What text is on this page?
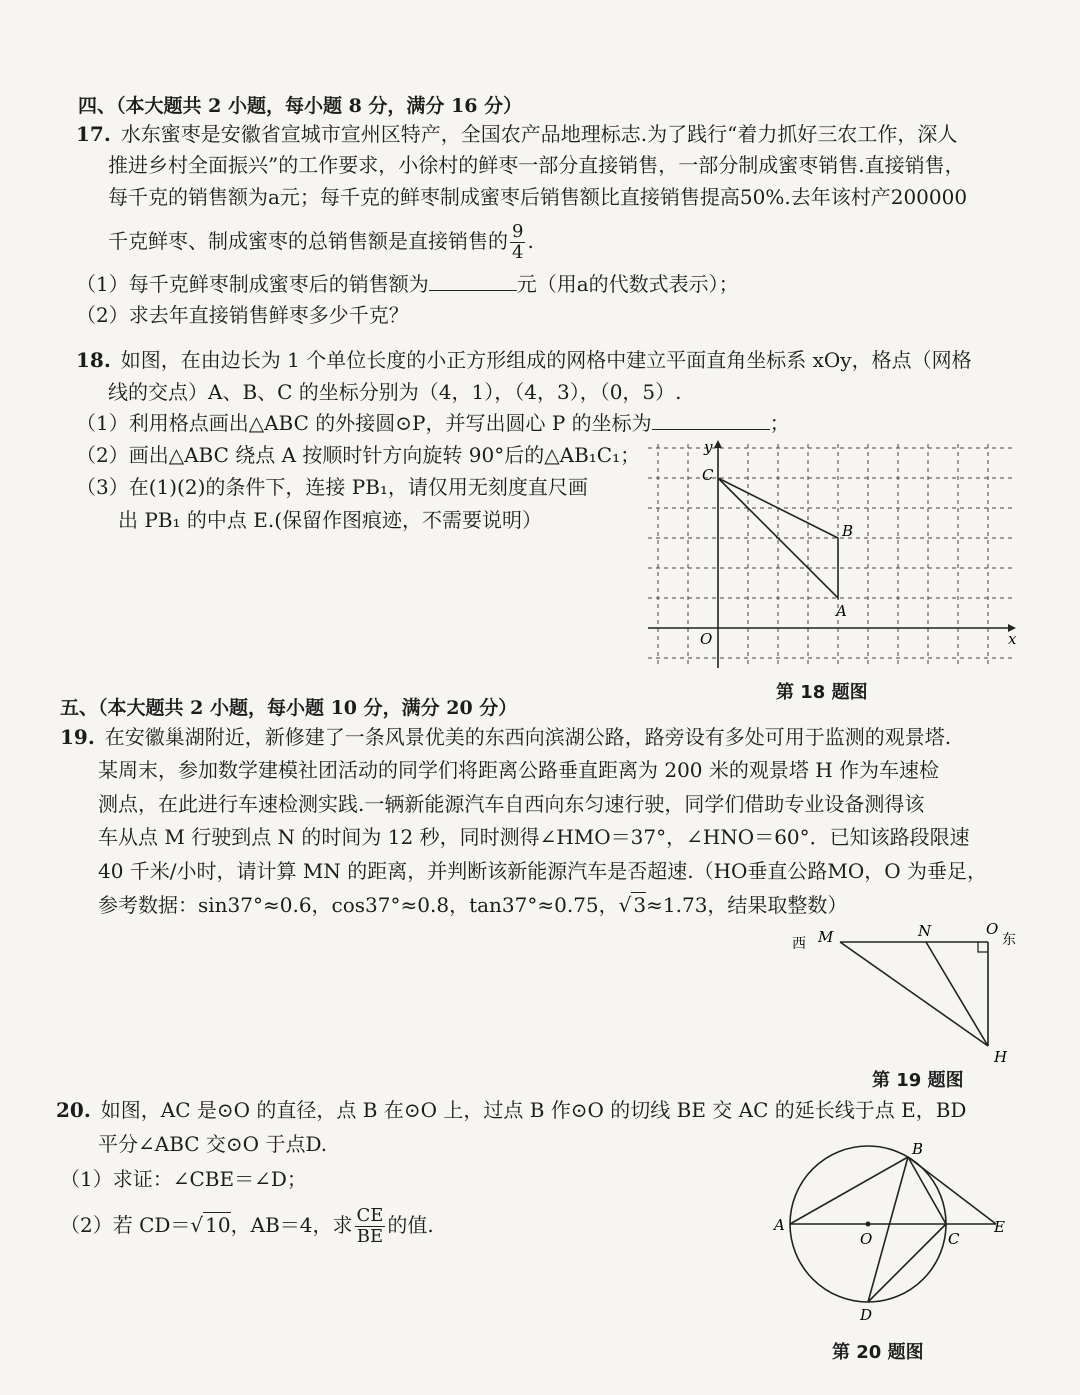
四、（本大题共 2 小题，每小题 8 分，满分 16 分）
17. 水东蜜枣是安徽省宣城市宣州区特产，全国农产品地理标志.为了践行“着力抓好三农工作，深人
推进乡村全面振兴”的工作要求，小徐村的鲜枣一部分直接销售，一部分制成蜜枣销售.直接销售，
每千克的销售额为a元；每千克的鲜枣制成蜜枣后销售额比直接销售提高50%.去年该村产200000
千克鲜枣、制成蜜枣的总销售额是直接销售的 $\frac{9}{4}$ .
（1）每千克鲜枣制成蜜枣后的销售额为	元（用a的代数式表示）；
（2）求去年直接销售鲜枣多少千克？
18. 如图，在由边长为 1 个单位长度的小正方形组成的网格中建立平面直角坐标系 xOy，格点（网格
线的交点）A、B、C 的坐标分别为（4，1），（4，3），（0，5）.
（1）利用格点画出△ABC 的外接圆⊙P，并写出圆心 P 的坐标为	；
（2）画出△ABC 绕点 A 按顺时针方向旋转 90°后的△AB₁C₁；
（3）在(1)(2)的条件下，连接 PB₁，请仅用无刻度直尺画
出 PB₁ 的中点 E.(保留作图痕迹，不需要说明）
C
B
A
O	x
y
第 18 题图
五、（本大题共 2 小题，每小题 10 分，满分 20 分）
19. 在安徽巢湖附近，新修建了一条风景优美的东西向滨湖公路，路旁设有多处可用于监测的观景塔.
某周末，参加数学建模社团活动的同学们将距离公路垂直距离为 200 米的观景塔 H 作为车速检
测点，在此进行车速检测实践.一辆新能源汽车自西向东匀速行驶，同学们借助专业设备测得该
车从点 M 行驶到点 N 的时间为 12 秒，同时测得∠HMO＝37°，∠HNO＝60°．已知该路段限速
40 千米/小时，请计算 MN 的距离，并判断该新能源汽车是否超速.（HO垂直公路MO，O 为垂足，
参考数据：sin37°≈0.6，cos37°≈0.8，tan37°≈0.75，√ 3≈1.73，结果取整数）
西 M	N	O
东
H
第 19 题图
20. 如图，AC 是⊙O 的直径，点 B 在⊙O 上，过点 B 作⊙O 的切线 BE 交 AC 的延长线于点 E，BD
平分∠ABC 交⊙O 于点D.
（1）求证：∠CBE＝∠D；
（2）若 CD＝√ 10，AB＝4，求 $\frac{CE}{BE}$ 的值.	A
B
C
D
E
O
第 20 题图
